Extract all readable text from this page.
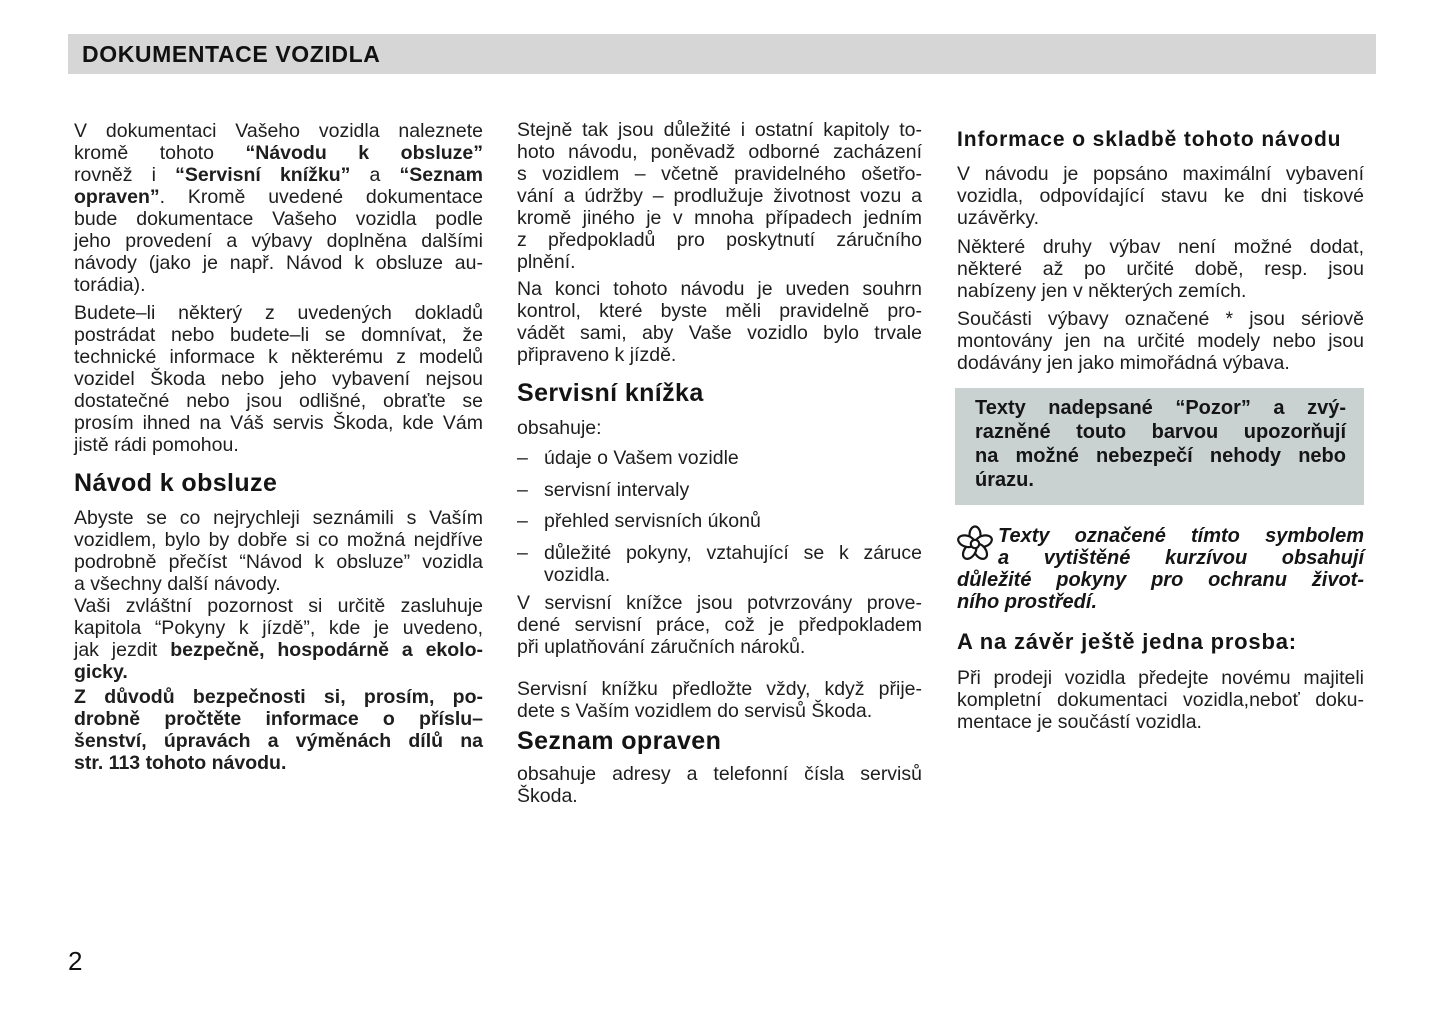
DOKUMENTACE VOZIDLA
V dokumentaci Vašeho vozidla naleznete
kromě tohoto “Návodu k obsluze”
rovněž i “Servisní knížku” a “Seznam
opraven”. Kromě uvedené dokumentace
bude dokumentace Vašeho vozidla podle
jeho provedení a výbavy doplněna dalšími
návody (jako je např. Návod k obsluze au-
torádia).
Budete–li některý z uvedených dokladů
postrádat nebo budete–li se domnívat, že
technické informace k některému z modelů
vozidel Škoda nebo jeho vybavení nejsou
dostatečné nebo jsou odlišné, obraťte se
prosím ihned na Váš servis Škoda, kde Vám
jistě rádi pomohou.
Návod k obsluze
Abyste se co nejrychleji seznámili s Vaším
vozidlem, bylo by dobře si co možná nejdříve
podrobně přečíst “Návod k obsluze” vozidla
a všechny další návody.
Vaši zvláštní pozornost si určitě zasluhuje
kapitola “Pokyny k jízdě”, kde je uvedeno,
jak jezdit bezpečně, hospodárně a ekolo-
gicky.
Z důvodů bezpečnosti si, prosím, po-
drobně pročtěte informace o příslu–
šenství, úpravách a výměnách dílů na
str. 113 tohoto návodu.
Stejně tak jsou důležité i ostatní kapitoly to-
hoto návodu, poněvadž odborné zacházení
s vozidlem – včetně pravidelného ošetřo-
vání a údržby – prodlužuje životnost vozu a
kromě jiného je v mnoha případech jedním
z předpokladů pro poskytnutí záručního
plnění.
Na konci tohoto návodu je uveden souhrn
kontrol, které byste měli pravidelně pro-
vádět sami, aby Vaše vozidlo bylo trvale
připraveno k jízdě.
Servisní knížka
obsahuje:
– údaje o Vašem vozidle
– servisní intervaly
– přehled servisních úkonů
– důležité pokyny, vztahující se k záruce
vozidla.
V servisní knížce jsou potvrzovány prove-
dené servisní práce, což je předpokladem
při uplatňování záručních nároků.
Servisní knížku předložte vždy, když přije-
dete s Vaším vozidlem do servisů Škoda.
Seznam opraven
obsahuje adresy a telefonní čísla servisů
Škoda.
Informace o skladbě tohoto návodu
V návodu je popsáno maximální vybavení
vozidla, odpovídající stavu ke dni tiskové
uzávěrky.
Některé druhy výbav není možné dodat,
některé až po určité době, resp. jsou
nabízeny jen v některých zemích.
Součásti výbavy označené * jsou sériově
montovány jen na určité modely nebo jsou
dodávány jen jako mimořádná výbava.
Texty nadepsané “Pozor” a zvý-
razněné touto barvou upozorňují
na možné nebezpečí nehody nebo
úrazu.
Texty označené tímto symbolem
a vytištěné kurzívou obsahují
důležité pokyny pro ochranu život-
ního prostředí.
A na závěr ještě jedna prosba:
Při prodeji vozidla předejte novému majiteli
kompletní dokumentaci vozidla,neboť doku-
mentace je součástí vozidla.
2
